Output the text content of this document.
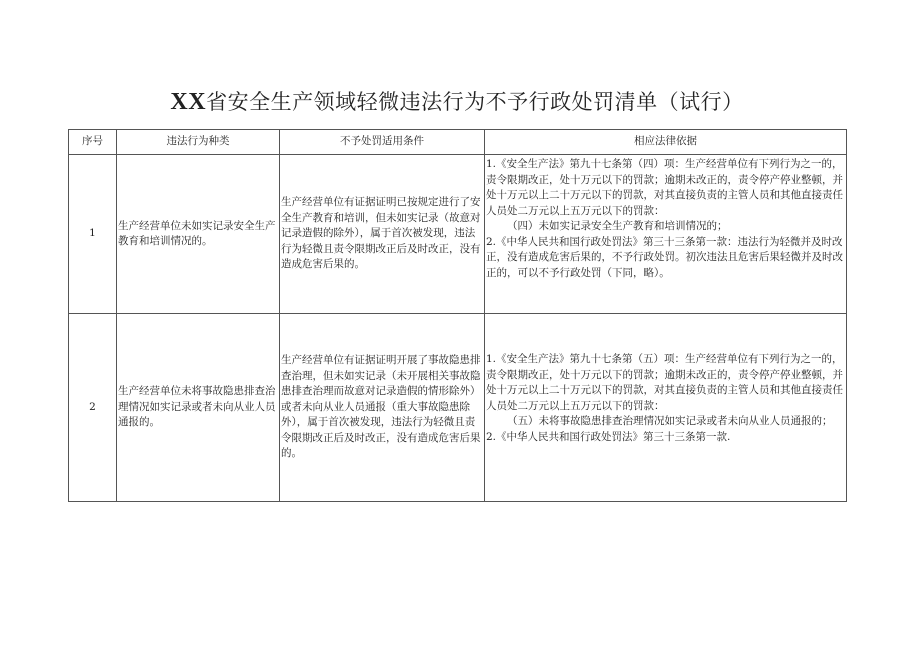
XX省安全生产领域轻微违法行为不予行政处罚清单（试行）
序号	违法行为种类	不予处罚适用条件	相应法律依据
1	生产经营单位未如实记录安全生产教育和培训情况的。	生产经营单位有证据证明已按规定进行了安全生产教育和培训，但未如实记录（故意对记录造假的除外），属于首次被发现，违法行为轻微且责令限期改正后及时改正，没有造成危害后果的。	1.《安全生产法》第九十七条第（四）项：生产经营单位有下列行为之一的，责令限期改正，处十万元以下的罚款；逾期未改正的，责令停产停业整顿，并处十万元以上二十万元以下的罚款，对其直接负责的主管人员和其他直接责任人员处二万元以上五万元以下的罚款：
（四）未如实记录安全生产教育和培训情况的；
2.《中华人民共和国行政处罚法》第三十三条第一款：违法行为轻微并及时改正，没有造成危害后果的，不予行政处罚。初次违法且危害后果轻微并及时改正的，可以不予行政处罚（下同，略）。

2	生产经营单位未将事故隐患排查治理情况如实记录或者未向从业人员通报的。	生产经营单位有证据证明开展了事故隐患排查治理，但未如实记录（未开展相关事故隐患排查治理而故意对记录造假的情形除外）或者未向从业人员通报（重大事故隐患除外），属于首次被发现，违法行为轻微且责令限期改正后及时改正，没有造成危害后果的。	1.《安全生产法》第九十七条第（五）项：生产经营单位有下列行为之一的，责令限期改正，处十万元以下的罚款；逾期未改正的，责令停产停业整顿，并处十万元以上二十万元以下的罚款，对其直接负责的主管人员和其他直接责任人员处二万元以上五万元以下的罚款：
（五）未将事故隐患排查治理情况如实记录或者未向从业人员通报的；
2.《中华人民共和国行政处罚法》第三十三条第一款.
